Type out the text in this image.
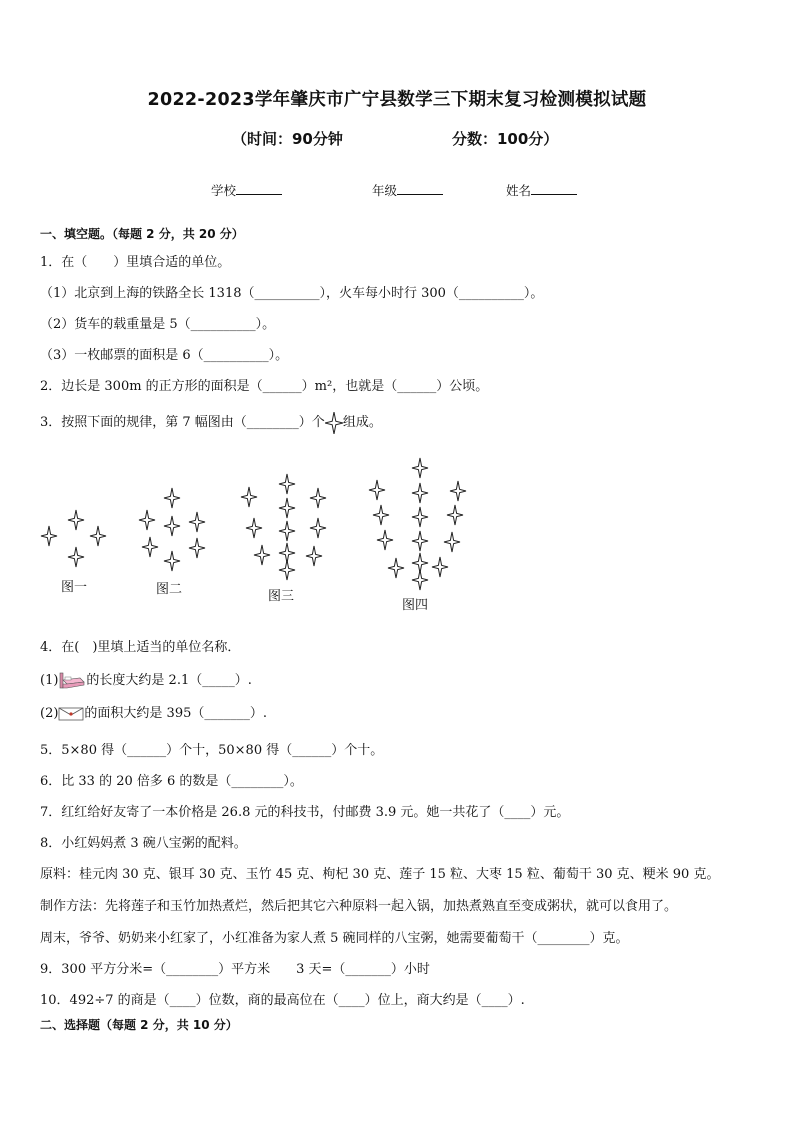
2022-2023学年肇庆市广宁县数学三下期末复习检测模拟试题
（时间：90分钟	分数：100分）
学校	年级	姓名
一、填空题。（每题 2 分，共 20 分）
1．在（　　）里填合适的单位。
（1）北京到上海的铁路全长 1318（__________），火车每小时行 300（__________）。
（2）货车的载重量是 5（__________）。
（3）一枚邮票的面积是 6（__________）。
2．边长是 300m 的正方形的面积是（______）m²，也就是（______）公顷。
3．按照下面的规律，第 7 幅图由（________）个 组成。
图一	图二	图三
图四
4．在(　)里填上适当的单位名称．
(1) 的长度大约是 2.1（_____）.
(2) 的面积大约是 395（_______）.
5．5×80 得（______）个十，50×80 得（______）个十。
6．比 33 的 20 倍多 6 的数是（________）。
7．红红给好友寄了一本价格是 26.8 元的科技书，付邮费 3.9 元。她一共花了（____）元。
8．小红妈妈煮 3 碗八宝粥的配料。
原料：桂元肉 30 克、银耳 30 克、玉竹 45 克、枸杞 30 克、莲子 15 粒、大枣 15 粒、葡萄干 30 克、粳米 90 克。
制作方法：先将莲子和玉竹加热煮烂，然后把其它六种原料一起入锅，加热煮熟直至变成粥状，就可以食用了。
周末，爷爷、奶奶来小红家了，小红准备为家人煮 5 碗同样的八宝粥，她需要葡萄干（________）克。
9．300 平方分米=（________）平方米　　3 天=（_______）小时
10．492÷7 的商是（____）位数，商的最高位在（____）位上，商大约是（____）.
二、选择题（每题 2 分，共 10 分）
